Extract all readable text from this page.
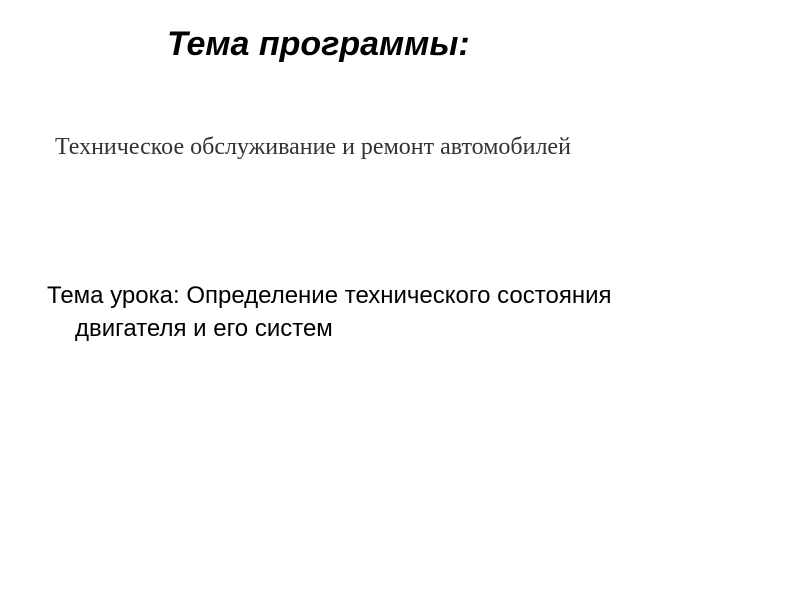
Тема программы:

Техническое обслуживание и ремонт автомобилей

Тема урока: Определение технического состояния двигателя и его систем
